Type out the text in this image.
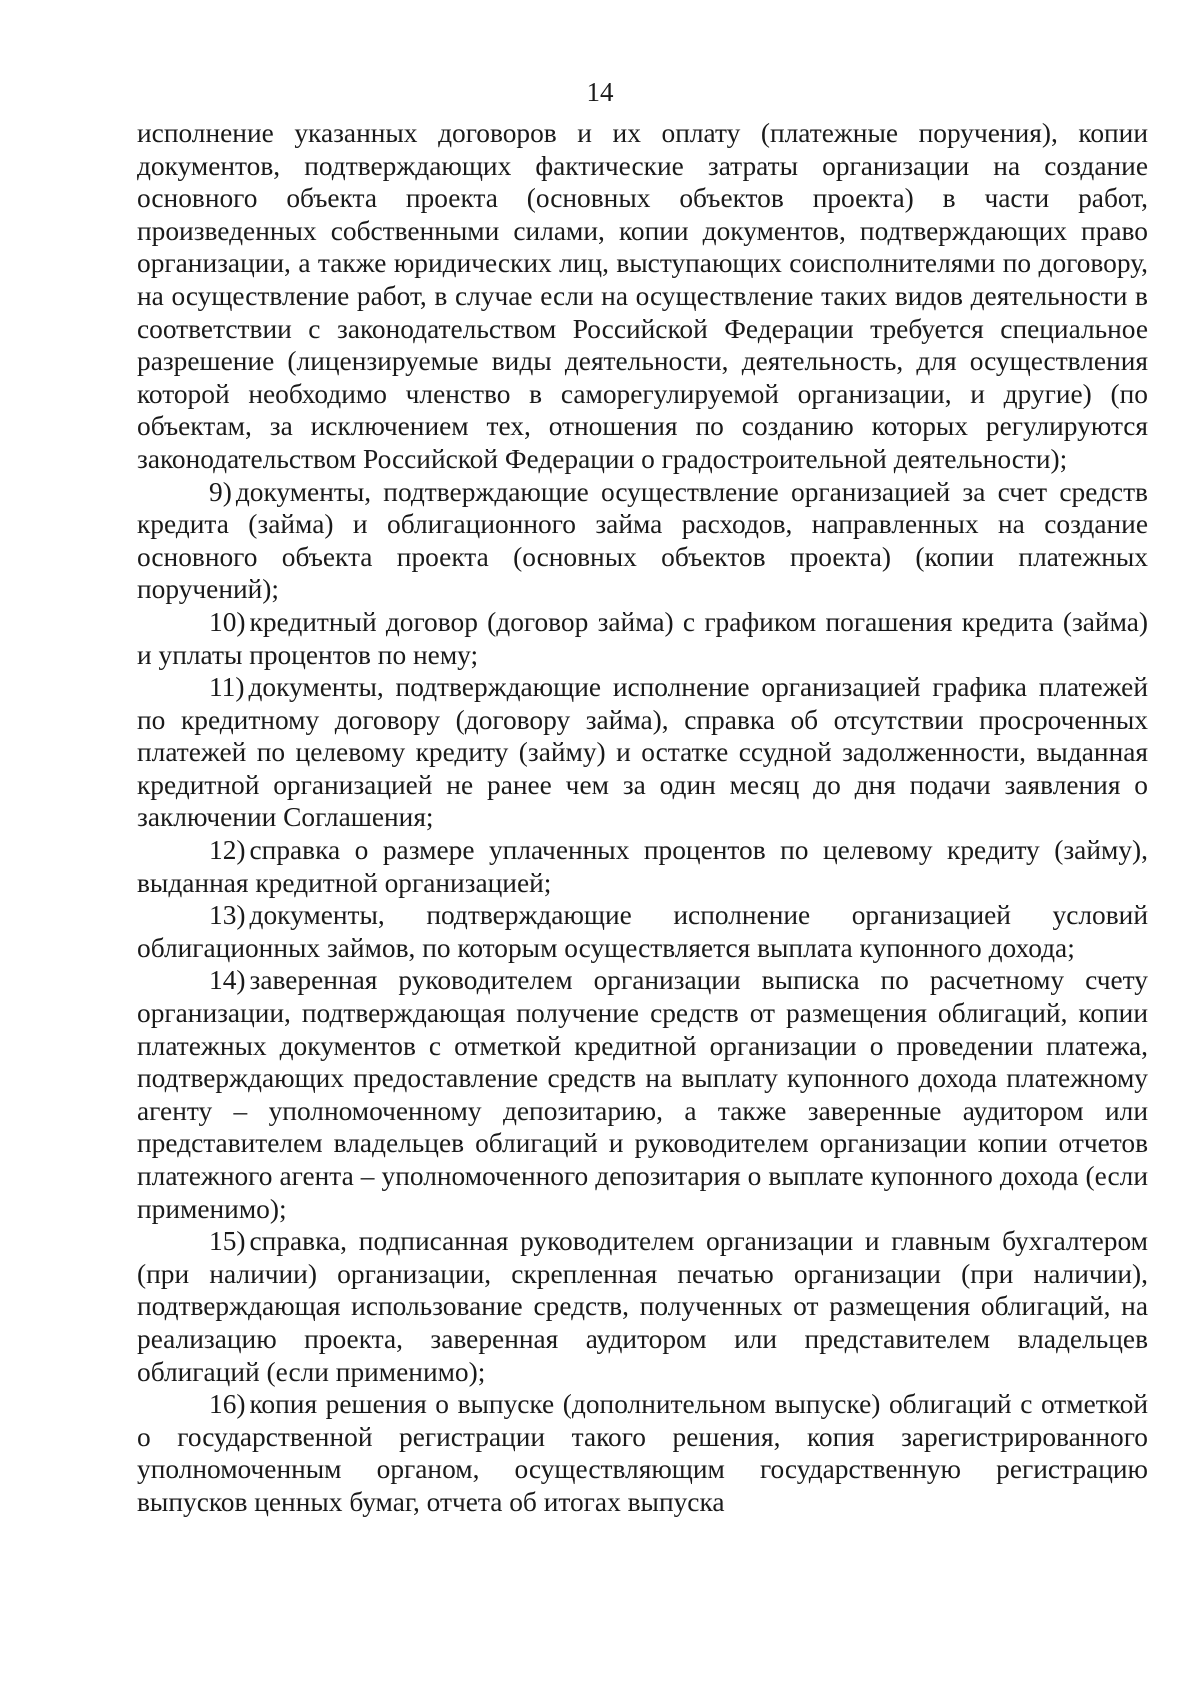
14

исполнение указанных договоров и их оплату (платежные поручения), копии документов, подтверждающих фактические затраты организации на создание основного объекта проекта (основных объектов проекта) в части работ, произведенных собственными силами, копии документов, подтверждающих право организации, а также юридических лиц, выступающих соисполнителями по договору, на осуществление работ, в случае если на осуществление таких видов деятельности в соответствии с законодательством Российской Федерации требуется специальное разрешение (лицензируемые виды деятельности, деятельность, для осуществления которой необходимо членство в саморегулируемой организации, и другие) (по объектам, за исключением тех, отношения по созданию которых регулируются законодательством Российской Федерации о градостроительной деятельности);

9) документы, подтверждающие осуществление организацией за счет средств кредита (займа) и облигационного займа расходов, направленных на создание основного объекта проекта (основных объектов проекта) (копии платежных поручений);

10) кредитный договор (договор займа) с графиком погашения кредита (займа) и уплаты процентов по нему;

11) документы, подтверждающие исполнение организацией графика платежей по кредитному договору (договору займа), справка об отсутствии просроченных платежей по целевому кредиту (займу) и остатке ссудной задолженности, выданная кредитной организацией не ранее чем за один месяц до дня подачи заявления о заключении Соглашения;

12) справка о размере уплаченных процентов по целевому кредиту (займу), выданная кредитной организацией;

13) документы, подтверждающие исполнение организацией условий облигационных займов, по которым осуществляется выплата купонного дохода;

14) заверенная руководителем организации выписка по расчетному счету организации, подтверждающая получение средств от размещения облигаций, копии платежных документов с отметкой кредитной организации о проведении платежа, подтверждающих предоставление средств на выплату купонного дохода платежному агенту – уполномоченному депозитарию, а также заверенные аудитором или представителем владельцев облигаций и руководителем организации копии отчетов платежного агента – уполномоченного депозитария о выплате купонного дохода (если применимо);

15) справка, подписанная руководителем организации и главным бухгалтером (при наличии) организации, скрепленная печатью организации (при наличии), подтверждающая использование средств, полученных от размещения облигаций, на реализацию проекта, заверенная аудитором или представителем владельцев облигаций (если применимо);

16) копия решения о выпуске (дополнительном выпуске) облигаций с отметкой о государственной регистрации такого решения, копия зарегистрированного уполномоченным органом, осуществляющим государственную регистрацию выпусков ценных бумаг, отчета об итогах выпуска
